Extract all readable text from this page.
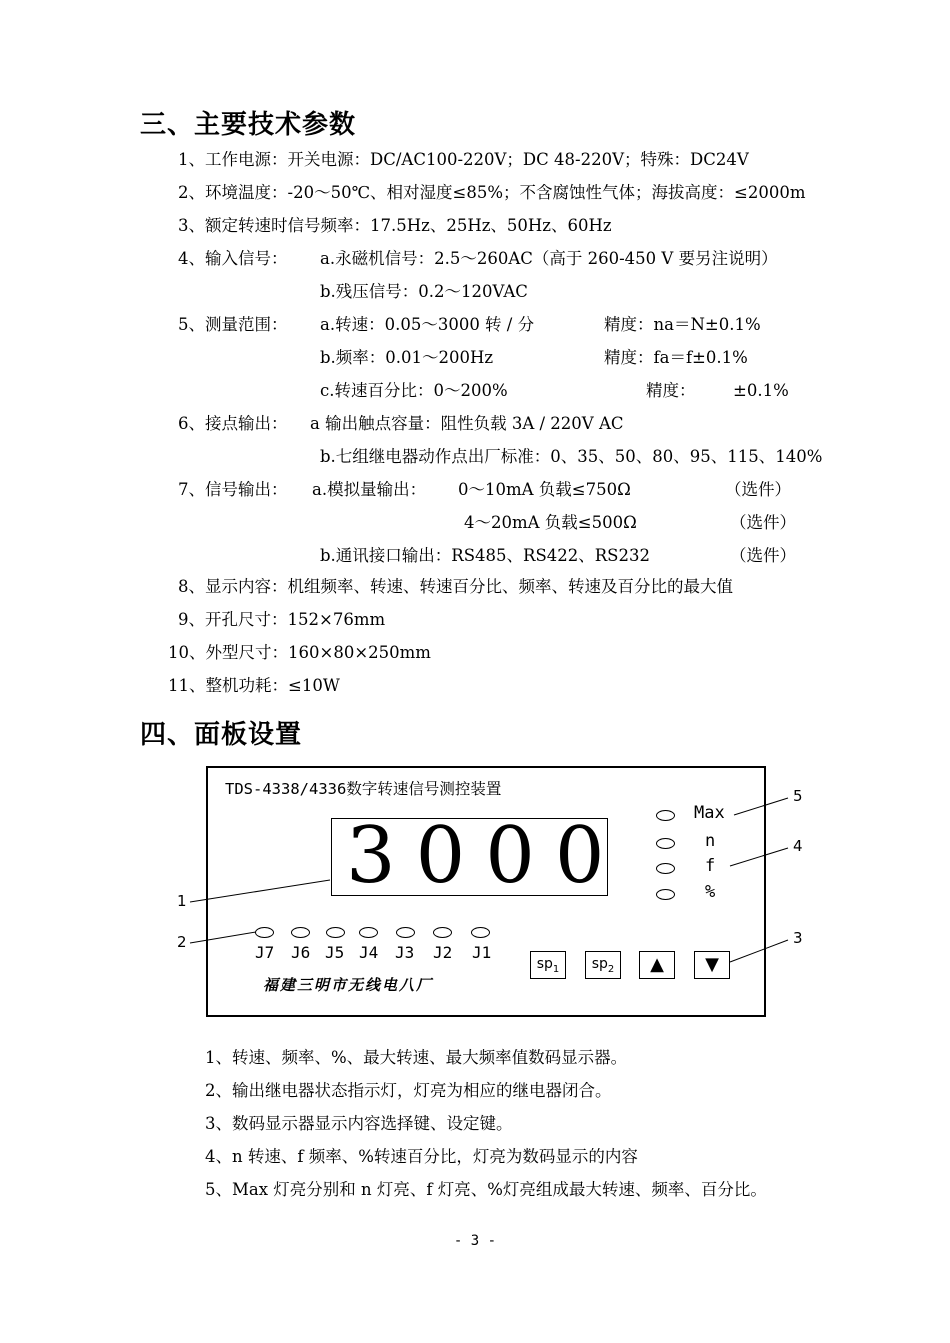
三、主要技术参数
1、工作电源：开关电源：DC/AC100-220V；DC 48-220V；特殊：DC24V
2、环境温度：-20～50℃、相对湿度≤85%；不含腐蚀性气体；海拔高度：≤2000m
3、额定转速时信号频率：17.5Hz、25Hz、50Hz、60Hz
4、输入信号： a.永磁机信号：2.5～260AC（高于 260-450 V 要另注说明）
b.残压信号：0.2～120VAC
5、测量范围： a.转速：0.05～3000 转 / 分	精度：na＝N±0.1%
b.频率：0.01～200Hz	精度：fa＝f±0.1%
c.转速百分比：0～200%	精度： ±0.1%
6、接点输出： a 输出触点容量：阻性负载 3A / 220V AC
b.七组继电器动作点出厂标准：0、35、50、80、95、115、140%
7、信号输出： a.模拟量输出： 0～10mA 负载≤750Ω	（选件）
4～20mA 负载≤500Ω	（选件）
b.通讯接口输出：RS485、RS422、RS232	（选件）
8、显示内容：机组频率、转速、转速百分比、频率、转速及百分比的最大值
9、开孔尺寸：152×76mm
10、外型尺寸：160×80×250mm
11、整机功耗：≤10W
四、面板设置
TDS-4338/4336数字转速信号测控装置
3000	Max
n
f
%
J7 J6 J5 J4 J3 J2 J1
$sp_1$	$sp_2$	▲	▼
福建三明市无线电八厂
1
2	3
4
5
1、转速、频率、%、最大转速、最大频率值数码显示器。
2、输出继电器状态指示灯，灯亮为相应的继电器闭合。
3、数码显示器显示内容选择键、设定键。
4、n 转速、f 频率、%转速百分比，灯亮为数码显示的内容
5、Max 灯亮分别和 n 灯亮、f 灯亮、%灯亮组成最大转速、频率、百分比。
- 3 -
